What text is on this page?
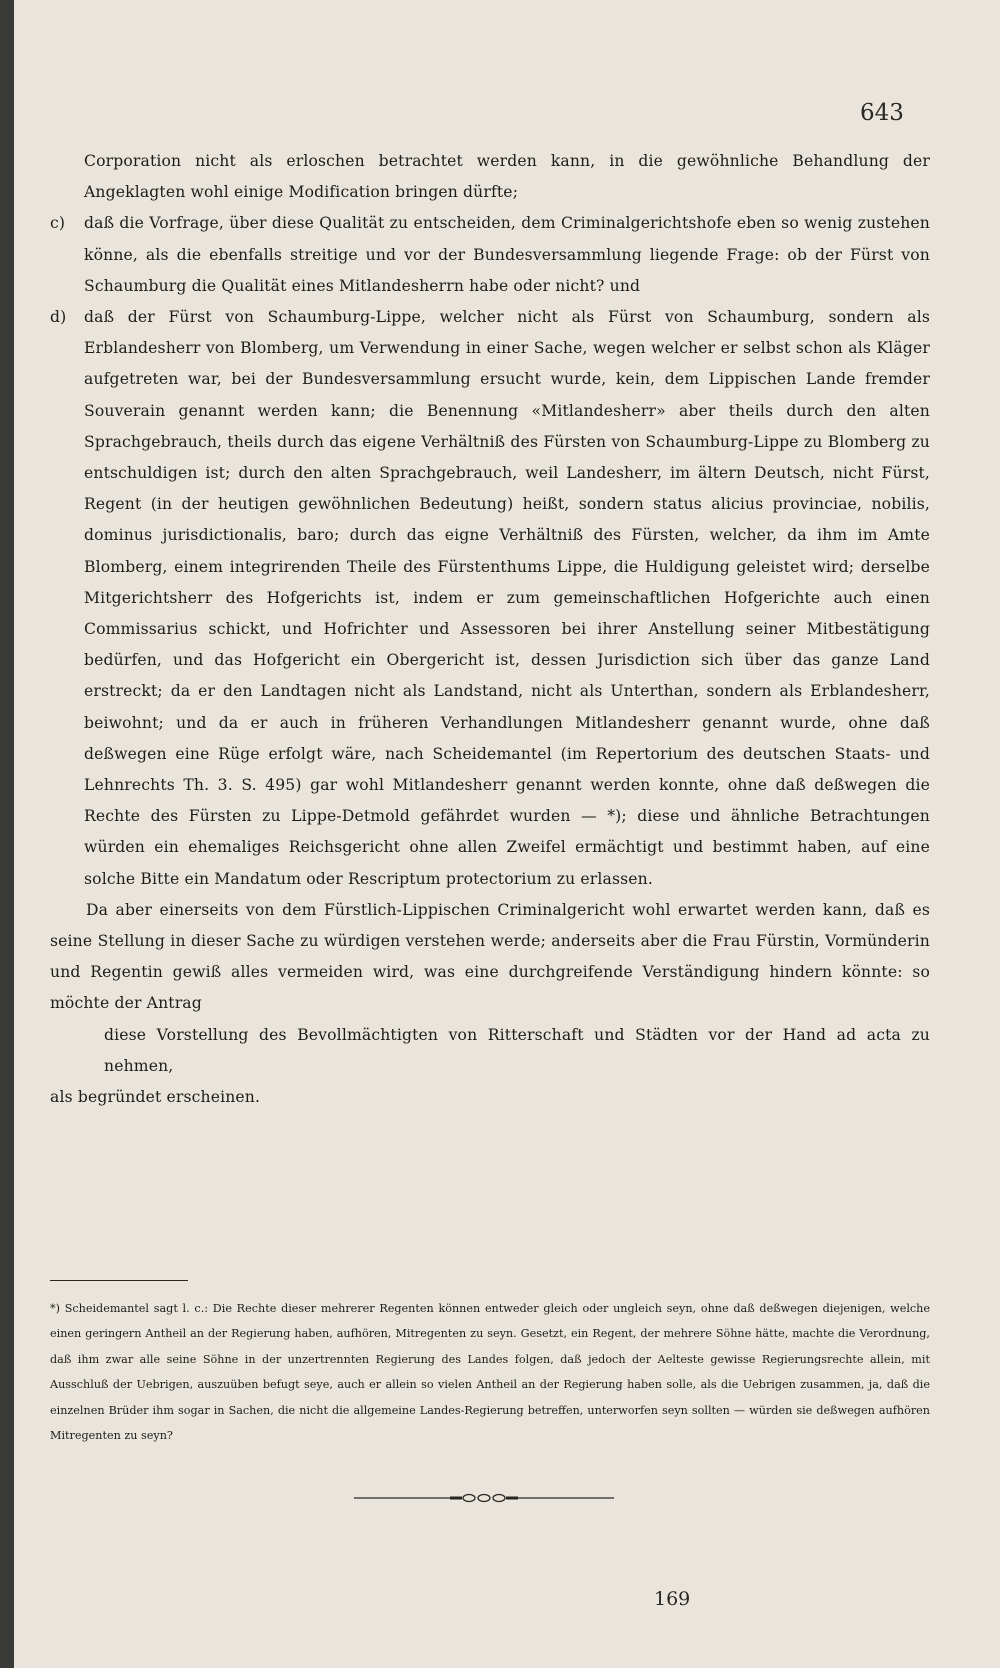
643

Corporation nicht als erloschen betrachtet werden kann, in die gewöhnliche Behandlung der Angeklagten wohl einige Modification bringen dürfte;

c)	daß die Vorfrage, über diese Qualität zu entscheiden, dem Criminalgerichtshofe eben so wenig zustehen könne, als die ebenfalls streitige und vor der Bundesversammlung liegende Frage: ob der Fürst von Schaumburg die Qualität eines Mitlandesherrn habe oder nicht? und
d)	daß der Fürst von Schaumburg-Lippe, welcher nicht als Fürst von Schaumburg, sondern als Erblandesherr von Blomberg, um Verwendung in einer Sache, wegen welcher er selbst schon als Kläger aufgetreten war, bei der Bundesversammlung ersucht wurde, kein, dem Lippischen Lande fremder Souverain genannt werden kann; die Benennung «Mitlandesherr» aber theils durch den alten Sprachgebrauch, theils durch das eigene Verhältniß des Fürsten von Schaumburg-Lippe zu Blomberg zu entschuldigen ist; durch den alten Sprachgebrauch, weil Landesherr, im ältern Deutsch, nicht Fürst, Regent (in der heutigen gewöhnlichen Bedeutung) heißt, sondern status alicius provinciae, nobilis, dominus jurisdictionalis, baro; durch das eigne Verhältniß des Fürsten, welcher, da ihm im Amte Blomberg, einem integrirenden Theile des Fürstenthums Lippe, die Huldigung geleistet wird; derselbe Mitgerichtsherr des Hofgerichts ist, indem er zum gemeinschaftlichen Hofgerichte auch einen Commissarius schickt, und Hofrichter und Assessoren bei ihrer Anstellung seiner Mitbestätigung bedürfen, und das Hofgericht ein Obergericht ist, dessen Jurisdiction sich über das ganze Land erstreckt; da er den Landtagen nicht als Landstand, nicht als Unterthan, sondern als Erblandesherr, beiwohnt; und da er auch in früheren Verhandlungen Mitlandesherr genannt wurde, ohne daß deßwegen eine Rüge erfolgt wäre, nach Scheidemantel (im Repertorium des deutschen Staats- und Lehnrechts Th. 3. S. 495) gar wohl Mitlandesherr genannt werden konnte, ohne daß deßwegen die Rechte des Fürsten zu Lippe-Detmold gefährdet wurden — *); diese und ähnliche Betrachtungen würden ein ehemaliges Reichsgericht ohne allen Zweifel ermächtigt und bestimmt haben, auf eine solche Bitte ein Mandatum oder Rescriptum protectorium zu erlassen.

Da aber einerseits von dem Fürstlich-Lippischen Criminalgericht wohl erwartet werden kann, daß es seine Stellung in dieser Sache zu würdigen verstehen werde; anderseits aber die Frau Fürstin, Vormünderin und Regentin gewiß alles vermeiden wird, was eine durchgreifende Verständigung hindern könnte: so möchte der Antrag

diese Vorstellung des Bevollmächtigten von Ritterschaft und Städten vor der Hand ad acta zu nehmen,

als begründet erscheinen.

*) Scheidemantel sagt l. c.: Die Rechte dieser mehrerer Regenten können entweder gleich oder ungleich seyn, ohne daß deßwegen diejenigen, welche einen geringern Antheil an der Regierung haben, aufhören, Mitregenten zu seyn. Gesetzt, ein Regent, der mehrere Söhne hätte, machte die Verordnung, daß ihm zwar alle seine Söhne in der unzertrennten Regierung des Landes folgen, daß jedoch der Aelteste gewisse Regierungsrechte allein, mit Ausschluß der Uebrigen, auszuüben befugt seye, auch er allein so vielen Antheil an der Regierung haben solle, als die Uebrigen zusammen, ja, daß die einzelnen Brüder ihm sogar in Sachen, die nicht die allgemeine Landes-Regierung betreffen, unterworfen seyn sollten — würden sie deßwegen aufhören Mitregenten zu seyn?

169
